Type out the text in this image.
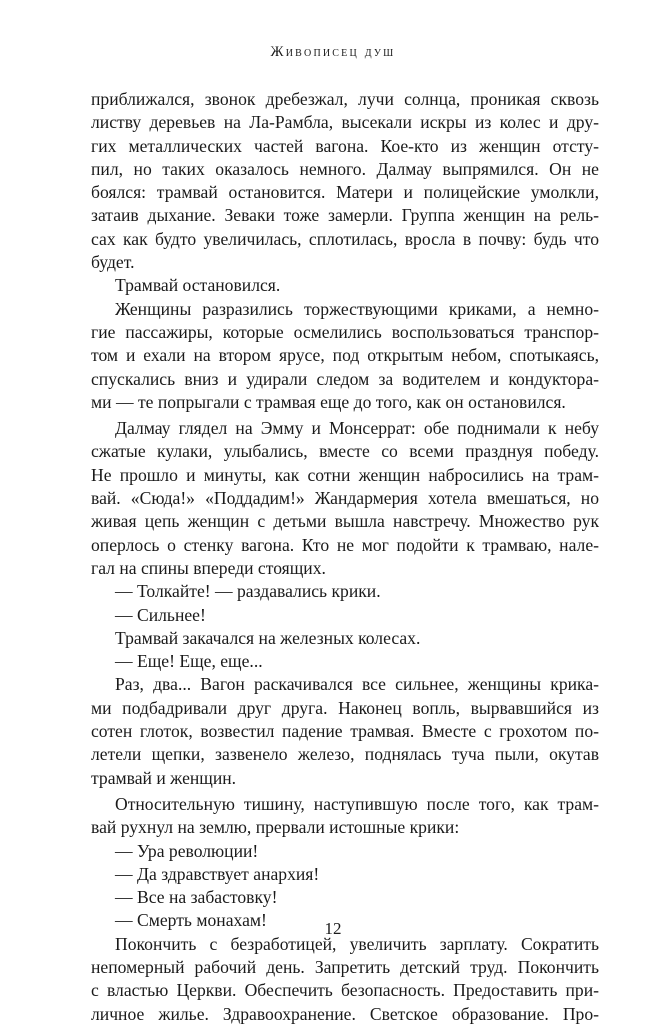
Живописец душ
приближался, звонок дребезжал, лучи солнца, проникая сквозь
листву деревьев на Ла-Рамбла, высекали искры из колес и дру-
гих металлических частей вагона. Кое-кто из женщин отсту-
пил, но таких оказалось немного. Далмау выпрямился. Он не
боялся: трамвай остановится. Матери и полицейские умолкли,
затаив дыхание. Зеваки тоже замерли. Группа женщин на рель-
сах как будто увеличилась, сплотилась, вросла в почву: будь что
будет.
Трамвай остановился.
Женщины разразились торжествующими криками, а немно-
гие пассажиры, которые осмелились воспользоваться транспор-
том и ехали на втором ярусе, под открытым небом, спотыкаясь,
спускались вниз и удирали следом за водителем и кондуктора-
ми — те попрыгали с трамвая еще до того, как он остановился.
Далмау глядел на Эмму и Монсеррат: обе поднимали к небу
сжатые кулаки, улыбались, вместе со всеми празднуя победу.
Не прошло и минуты, как сотни женщин набросились на трам-
вай. «Сюда!» «Поддадим!» Жандармерия хотела вмешаться, но
живая цепь женщин с детьми вышла навстречу. Множество рук
оперлось о стенку вагона. Кто не мог подойти к трамваю, нале-
гал на спины впереди стоящих.
— Толкайте! — раздавались крики.
— Сильнее!
Трамвай закачался на железных колесах.
— Еще! Еще, еще...
Раз, два... Вагон раскачивался все сильнее, женщины крика-
ми подбадривали друг друга. Наконец вопль, вырвавшийся из
сотен глоток, возвестил падение трамвая. Вместе с грохотом по-
летели щепки, зазвенело железо, поднялась туча пыли, окутав
трамвай и женщин.
Относительную тишину, наступившую после того, как трам-
вай рухнул на землю, прервали истошные крики:
— Ура революции!
— Да здравствует анархия!
— Все на забастовку!
— Смерть монахам!
Покончить с безработицей, увеличить зарплату. Сократить
непомерный рабочий день. Запретить детский труд. Покончить
с властью Церкви. Обеспечить безопасность. Предоставить при-
личное жилье. Здравоохранение. Светское образование. Про-
12
